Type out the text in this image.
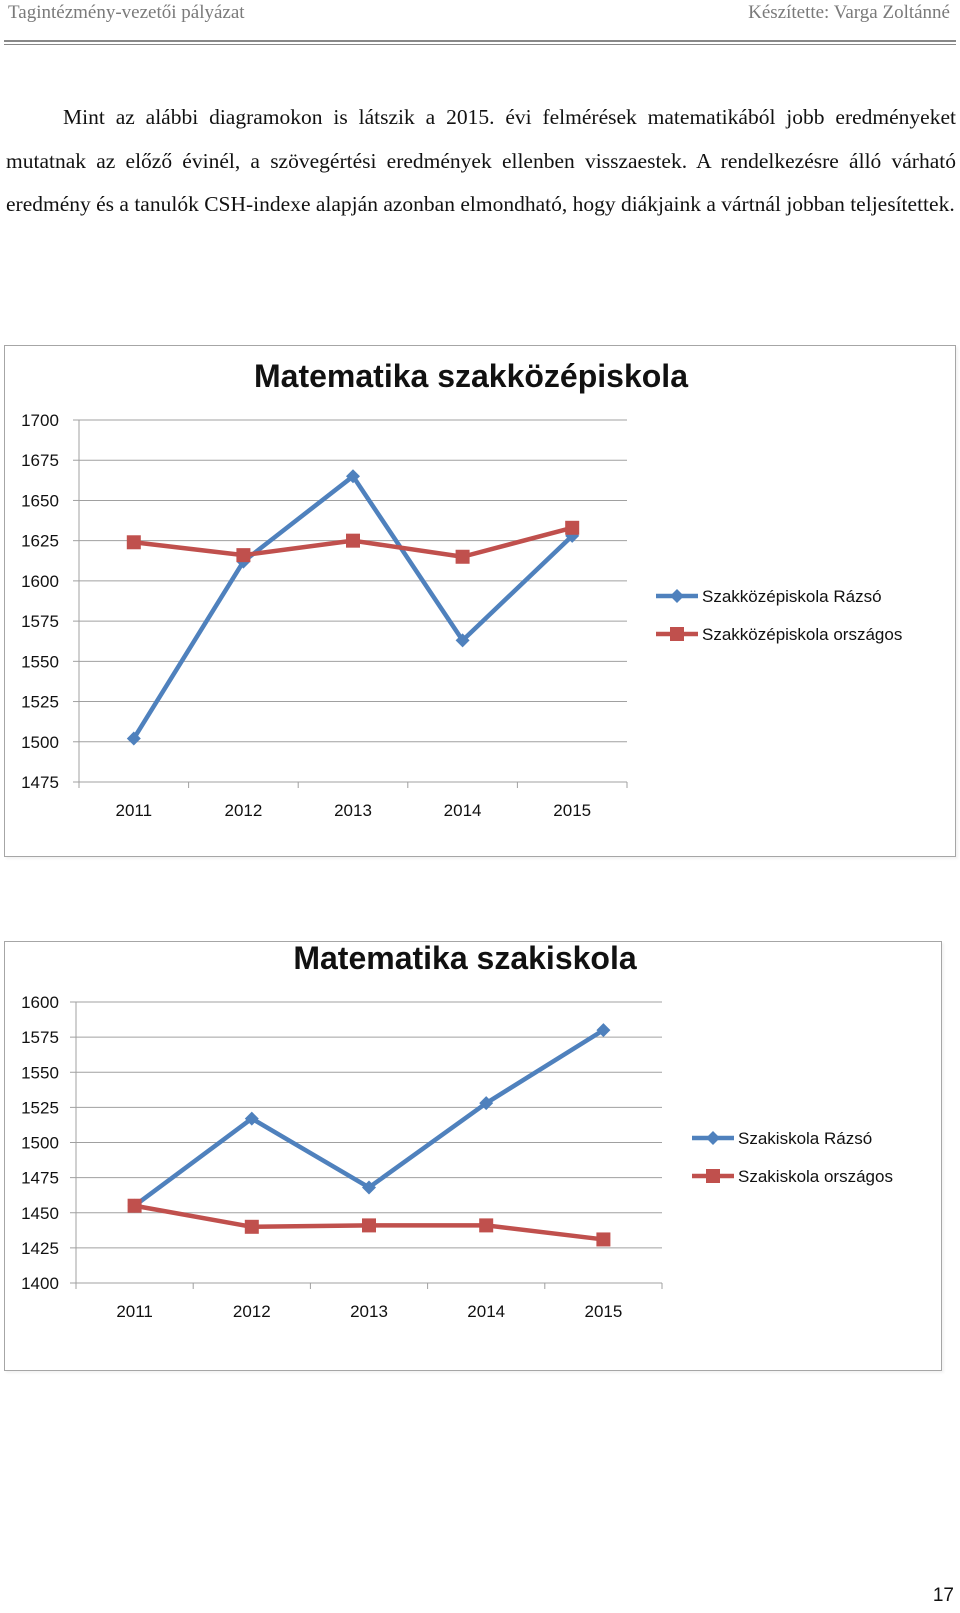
Tagintézmény-vezetői pályázat	Készítette: Varga Zoltánné

Mint az alábbi diagramokon is látszik a 2015. évi felmérések matematikából jobb eredményeket mutatnak az előző évinél, a szövegértési eredmények ellenben visszaestek. A rendelkezésre álló várható eredmény és a tanulók CSH-indexe alapján azonban elmondható, hogy diákjaink a vártnál jobban teljesítettek.

Matematika szakközépiskola
1475
1500
1525
1550
1575
1600
1625
1650
1675
1700
2011	2012	2013	2014	2015
Szakközépiskola Rázsó
Szakközépiskola országos
Matematika szakiskola
1400
1425
1450
1475
1500
1525
1550
1575
1600
2011	2012	2013	2014	2015
Szakiskola Rázsó
Szakiskola országos
17
